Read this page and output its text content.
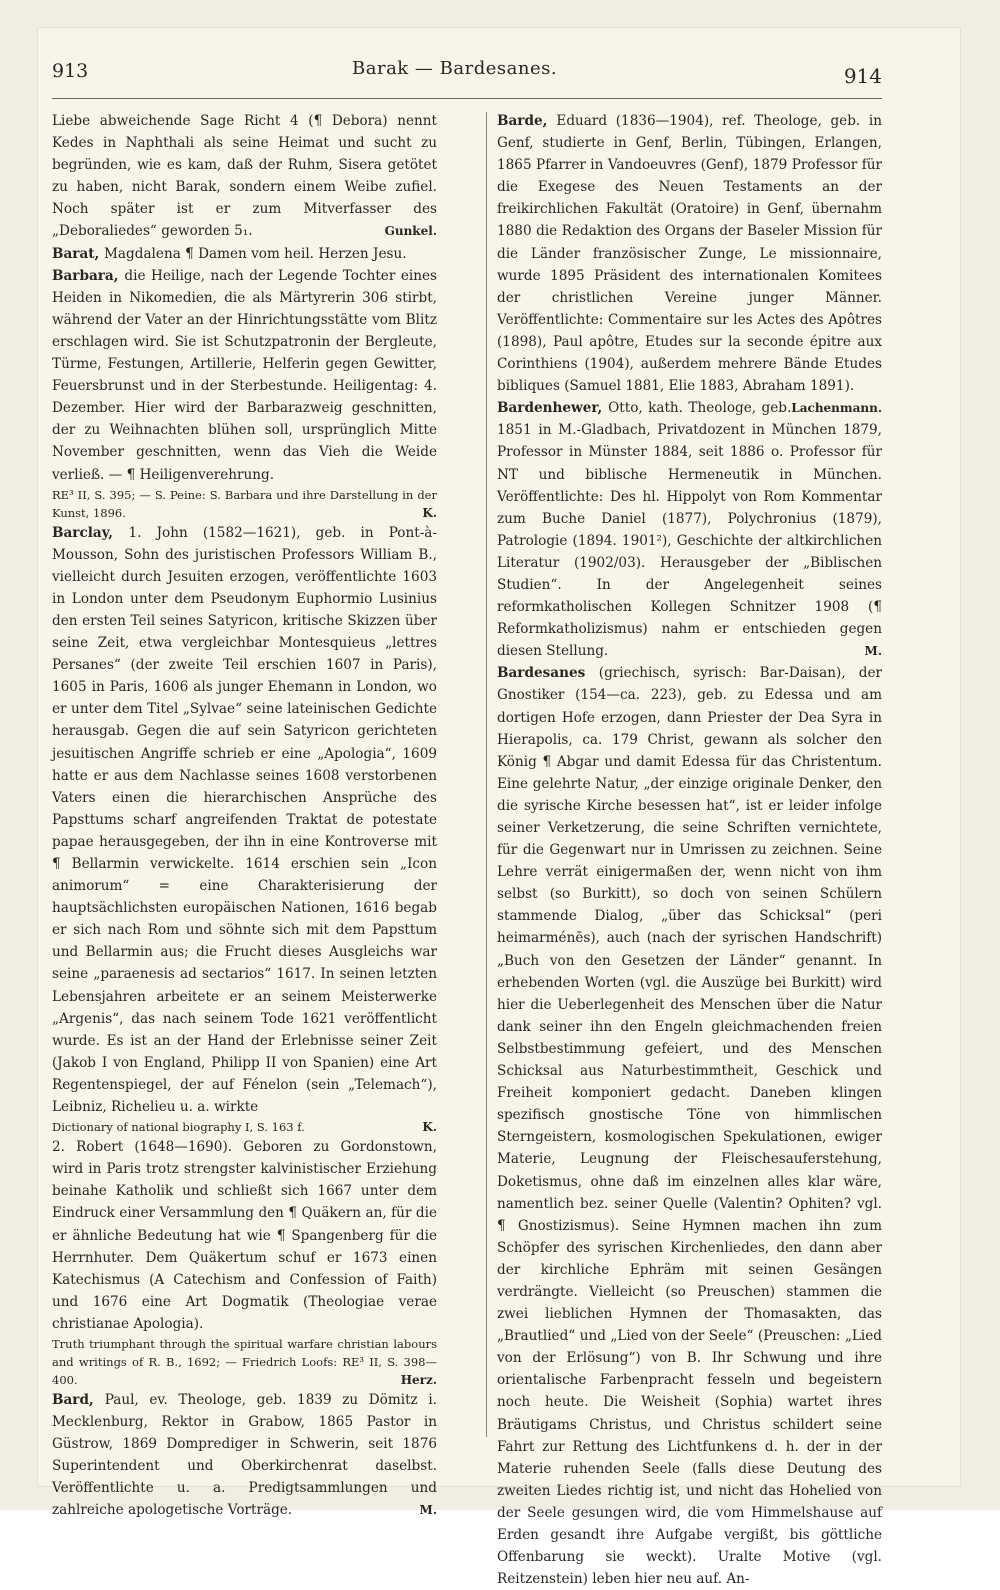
913	Barak — Bardesanes.	914

Liebe abweichende Sage Richt 4 (¶ Debora) nennt Kedes in Naphthali als seine Heimat und sucht zu begründen, wie es kam, daß der Ruhm, Sisera getötet zu haben, nicht Barak, sondern einem Weibe zufiel. Noch später ist er zum Mitverfasser des „Deboraliedes“ geworden 5₁.	Gunkel.

Barat, Magdalena ¶ Damen vom heil. Herzen Jesu.

Barbara, die Heilige, nach der Legende Tochter eines Heiden in Nikomedien, die als Märtyrerin 306 stirbt, während der Vater an der Hinrichtungsstätte vom Blitz erschlagen wird. Sie ist Schutzpatronin der Bergleute, Türme, Festungen, Artillerie, Helferin gegen Gewitter, Feuersbrunst und in der Sterbestunde. Heiligentag: 4. Dezember. Hier wird der Barbarazweig geschnitten, der zu Weihnachten blühen soll, ursprünglich Mitte November geschnitten, wenn das Vieh die Weide verließ. — ¶ Heiligenverehrung.

RE³ II, S. 395; — S. Peine: S. Barbara und ihre Darstellung in der Kunst, 1896.	K.

Barclay, 1. John (1582—1621), geb. in Pont-à-Mousson, Sohn des juristischen Professors William B., vielleicht durch Jesuiten erzogen, veröffentlichte 1603 in London unter dem Pseudonym Euphormio Lusinius den ersten Teil seines Satyricon, kritische Skizzen über seine Zeit, etwa vergleichbar Montesquieus „lettres Persanes“ (der zweite Teil erschien 1607 in Paris), 1605 in Paris, 1606 als junger Ehemann in London, wo er unter dem Titel „Sylvae“ seine lateinischen Gedichte herausgab. Gegen die auf sein Satyricon gerichteten jesuitischen Angriffe schrieb er eine „Apologia“, 1609 hatte er aus dem Nachlasse seines 1608 verstorbenen Vaters einen die hierarchischen Ansprüche des Papsttums scharf angreifenden Traktat de potestate papae herausgegeben, der ihn in eine Kontroverse mit ¶ Bellarmin verwickelte. 1614 erschien sein „Icon animorum“ = eine Charakterisierung der hauptsächlichsten europäischen Nationen, 1616 begab er sich nach Rom und söhnte sich mit dem Papsttum und Bellarmin aus; die Frucht dieses Ausgleichs war seine „paraenesis ad sectarios“ 1617. In seinen letzten Lebensjahren arbeitete er an seinem Meisterwerke „Argenis“, das nach seinem Tode 1621 veröffentlicht wurde. Es ist an der Hand der Erlebnisse seiner Zeit (Jakob I von England, Philipp II von Spanien) eine Art Regentenspiegel, der auf Fénelon (sein „Telemach“), Leibniz, Richelieu u. a. wirkte

Dictionary of national biography I, S. 163 f.	K.

2. Robert (1648—1690). Geboren zu Gordonstown, wird in Paris trotz strengster kalvinistischer Erziehung beinahe Katholik und schließt sich 1667 unter dem Eindruck einer Versammlung den ¶ Quäkern an, für die er ähnliche Bedeutung hat wie ¶ Spangenberg für die Herrnhuter. Dem Quäkertum schuf er 1673 einen Katechismus (A Catechism and Confession of Faith) und 1676 eine Art Dogmatik (Theologiae verae christianae Apologia).

Truth triumphant through the spiritual warfare christian labours and writings of R. B., 1692; — Friedrich Loofs: RE³ II, S. 398—400.	Herz.

Bard, Paul, ev. Theologe, geb. 1839 zu Dömitz i. Mecklenburg, Rektor in Grabow, 1865 Pastor in Güstrow, 1869 Domprediger in Schwerin, seit 1876 Superintendent und Oberkirchenrat daselbst. Veröffentlichte u. a. Predigtsammlungen und zahlreiche apologetische Vorträge.	M.

Barde, Eduard (1836—1904), ref. Theologe, geb. in Genf, studierte in Genf, Berlin, Tübingen, Erlangen, 1865 Pfarrer in Vandoeuvres (Genf), 1879 Professor für die Exegese des Neuen Testaments an der freikirchlichen Fakultät (Oratoire) in Genf, übernahm 1880 die Redaktion des Organs der Baseler Mission für die Länder französischer Zunge, Le missionnaire, wurde 1895 Präsident des internationalen Komitees der christlichen Vereine junger Männer. Veröffentlichte: Commentaire sur les Actes des Apôtres (1898), Paul apôtre, Etudes sur la seconde épitre aux Corinthiens (1904), außerdem mehrere Bände Etudes bibliques (Samuel 1881, Elie 1883, Abraham 1891).
Lachenmann.

Bardenhewer, Otto, kath. Theologe, geb. 1851 in M.-Gladbach, Privatdozent in München 1879, Professor in Münster 1884, seit 1886 o. Professor für NT und biblische Hermeneutik in München. Veröffentlichte: Des hl. Hippolyt von Rom Kommentar zum Buche Daniel (1877), Polychronius (1879), Patrologie (1894. 1901²), Geschichte der altkirchlichen Literatur (1902/03). Herausgeber der „Biblischen Studien“. In der Angelegenheit seines reformkatholischen Kollegen Schnitzer 1908 (¶ Reformkatholizismus) nahm er entschieden gegen diesen Stellung.	M.

Bardesanes (griechisch, syrisch: Bar-Daisan), der Gnostiker (154—ca. 223), geb. zu Edessa und am dortigen Hofe erzogen, dann Priester der Dea Syra in Hierapolis, ca. 179 Christ, gewann als solcher den König ¶ Abgar und damit Edessa für das Christentum. Eine gelehrte Natur, „der einzige originale Denker, den die syrische Kirche besessen hat“, ist er leider infolge seiner Verketzerung, die seine Schriften vernichtete, für die Gegenwart nur in Umrissen zu zeichnen. Seine Lehre verrät einigermaßen der, wenn nicht von ihm selbst (so Burkitt), so doch von seinen Schülern stammende Dialog, „über das Schicksal“ (peri heimarménēs), auch (nach der syrischen Handschrift) „Buch von den Gesetzen der Länder“ genannt. In erhebenden Worten (vgl. die Auszüge bei Burkitt) wird hier die Ueberlegenheit des Menschen über die Natur dank seiner ihn den Engeln gleichmachenden freien Selbstbestimmung gefeiert, und des Menschen Schicksal aus Naturbestimmtheit, Geschick und Freiheit komponiert gedacht. Daneben klingen spezifisch gnostische Töne von himmlischen Sterngeistern, kosmologischen Spekulationen, ewiger Materie, Leugnung der Fleischesauferstehung, Doketismus, ohne daß im einzelnen alles klar wäre, namentlich bez. seiner Quelle (Valentin? Ophiten? vgl. ¶ Gnostizismus). Seine Hymnen machen ihn zum Schöpfer des syrischen Kirchenliedes, den dann aber der kirchliche Ephräm mit seinen Gesängen verdrängte. Vielleicht (so Preuschen) stammen die zwei lieblichen Hymnen der Thomasakten, das „Brautlied“ und „Lied von der Seele“ (Preuschen: „Lied von der Erlösung“) von B. Ihr Schwung und ihre orientalische Farbenpracht fesseln und begeistern noch heute. Die Weisheit (Sophia) wartet ihres Bräutigams Christus, und Christus schildert seine Fahrt zur Rettung des Lichtfunkens d. h. der in der Materie ruhenden Seele (falls diese Deutung des zweiten Liedes richtig ist, und nicht das Hohelied von der Seele gesungen wird, die vom Himmelshause auf Erden gesandt ihre Aufgabe vergißt, bis göttliche Offenbarung sie weckt). Uralte Motive (vgl. Reitzenstein) leben hier neu auf. An-
